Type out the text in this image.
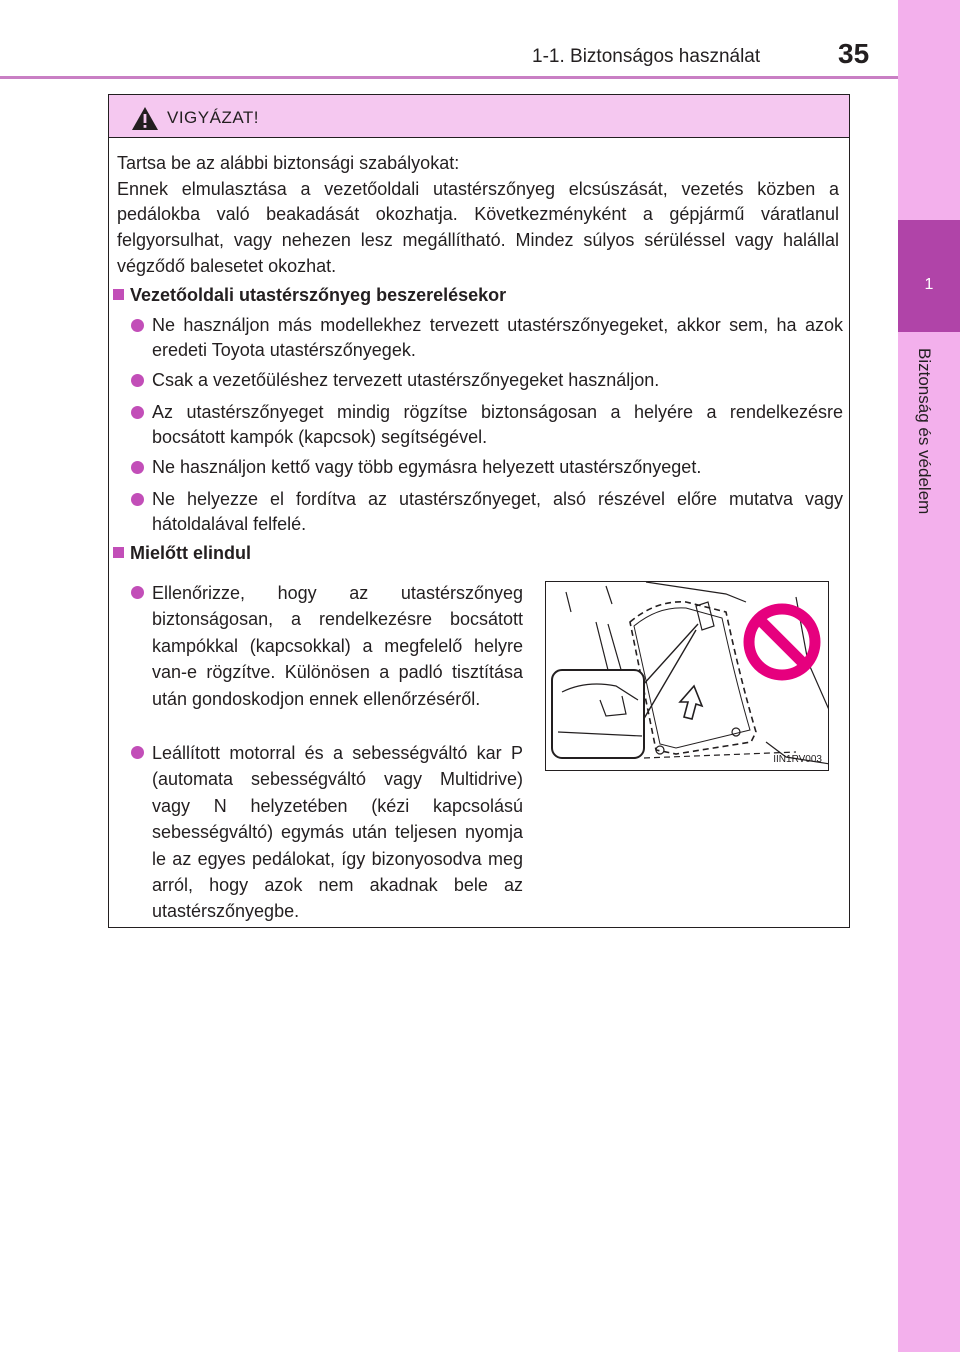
1-1. Biztonságos használat	35
1
Biztonság és védelem
VIGYÁZAT!
Tartsa be az alábbi biztonsági szabályokat:
Ennek elmulasztása a vezetőoldali utastérszőnyeg elcsúszását, vezetés közben a pedálokba való beakadását okozhatja. Következményként a gépjármű váratlanul felgyorsulhat, vagy nehezen lesz megállítható. Mindez súlyos sérüléssel vagy halállal végződő balesetet okozhat.
Vezetőoldali utastérszőnyeg beszerelésekor
Ne használjon más modellekhez tervezett utastérszőnyegeket, akkor sem, ha azok eredeti Toyota utastérszőnyegek.
Csak a vezetőüléshez tervezett utastérszőnyegeket használjon.
Az utastérszőnyeget mindig rögzítse biztonságosan a helyére a rendelkezésre bocsátott kampók (kapcsok) segítségével.
Ne használjon kettő vagy több egymásra helyezett utastérszőnyeget.
Ne helyezze el fordítva az utastérszőnyeget, alsó részével előre mutatva vagy hátoldalával felfelé.
Mielőtt elindul
Ellenőrizze, hogy az utastérszőnyeg biztonságosan, a rendelkezésre bocsátott kampókkal (kapcsokkal) a megfelelő helyre van-e rögzítve. Különösen a padló tisztítása után gondoskodjon ennek ellenőrzéséről.
Leállított motorral és a sebességváltó kar P (automata sebességváltó vagy Multidrive) vagy N helyzetében (kézi kapcsolású sebességváltó) egymás után teljesen nyomja le az egyes pedálokat, így bizonyosodva meg arról, hogy azok nem akadnak bele az utastérszőnyegbe.
IIN1RV003
